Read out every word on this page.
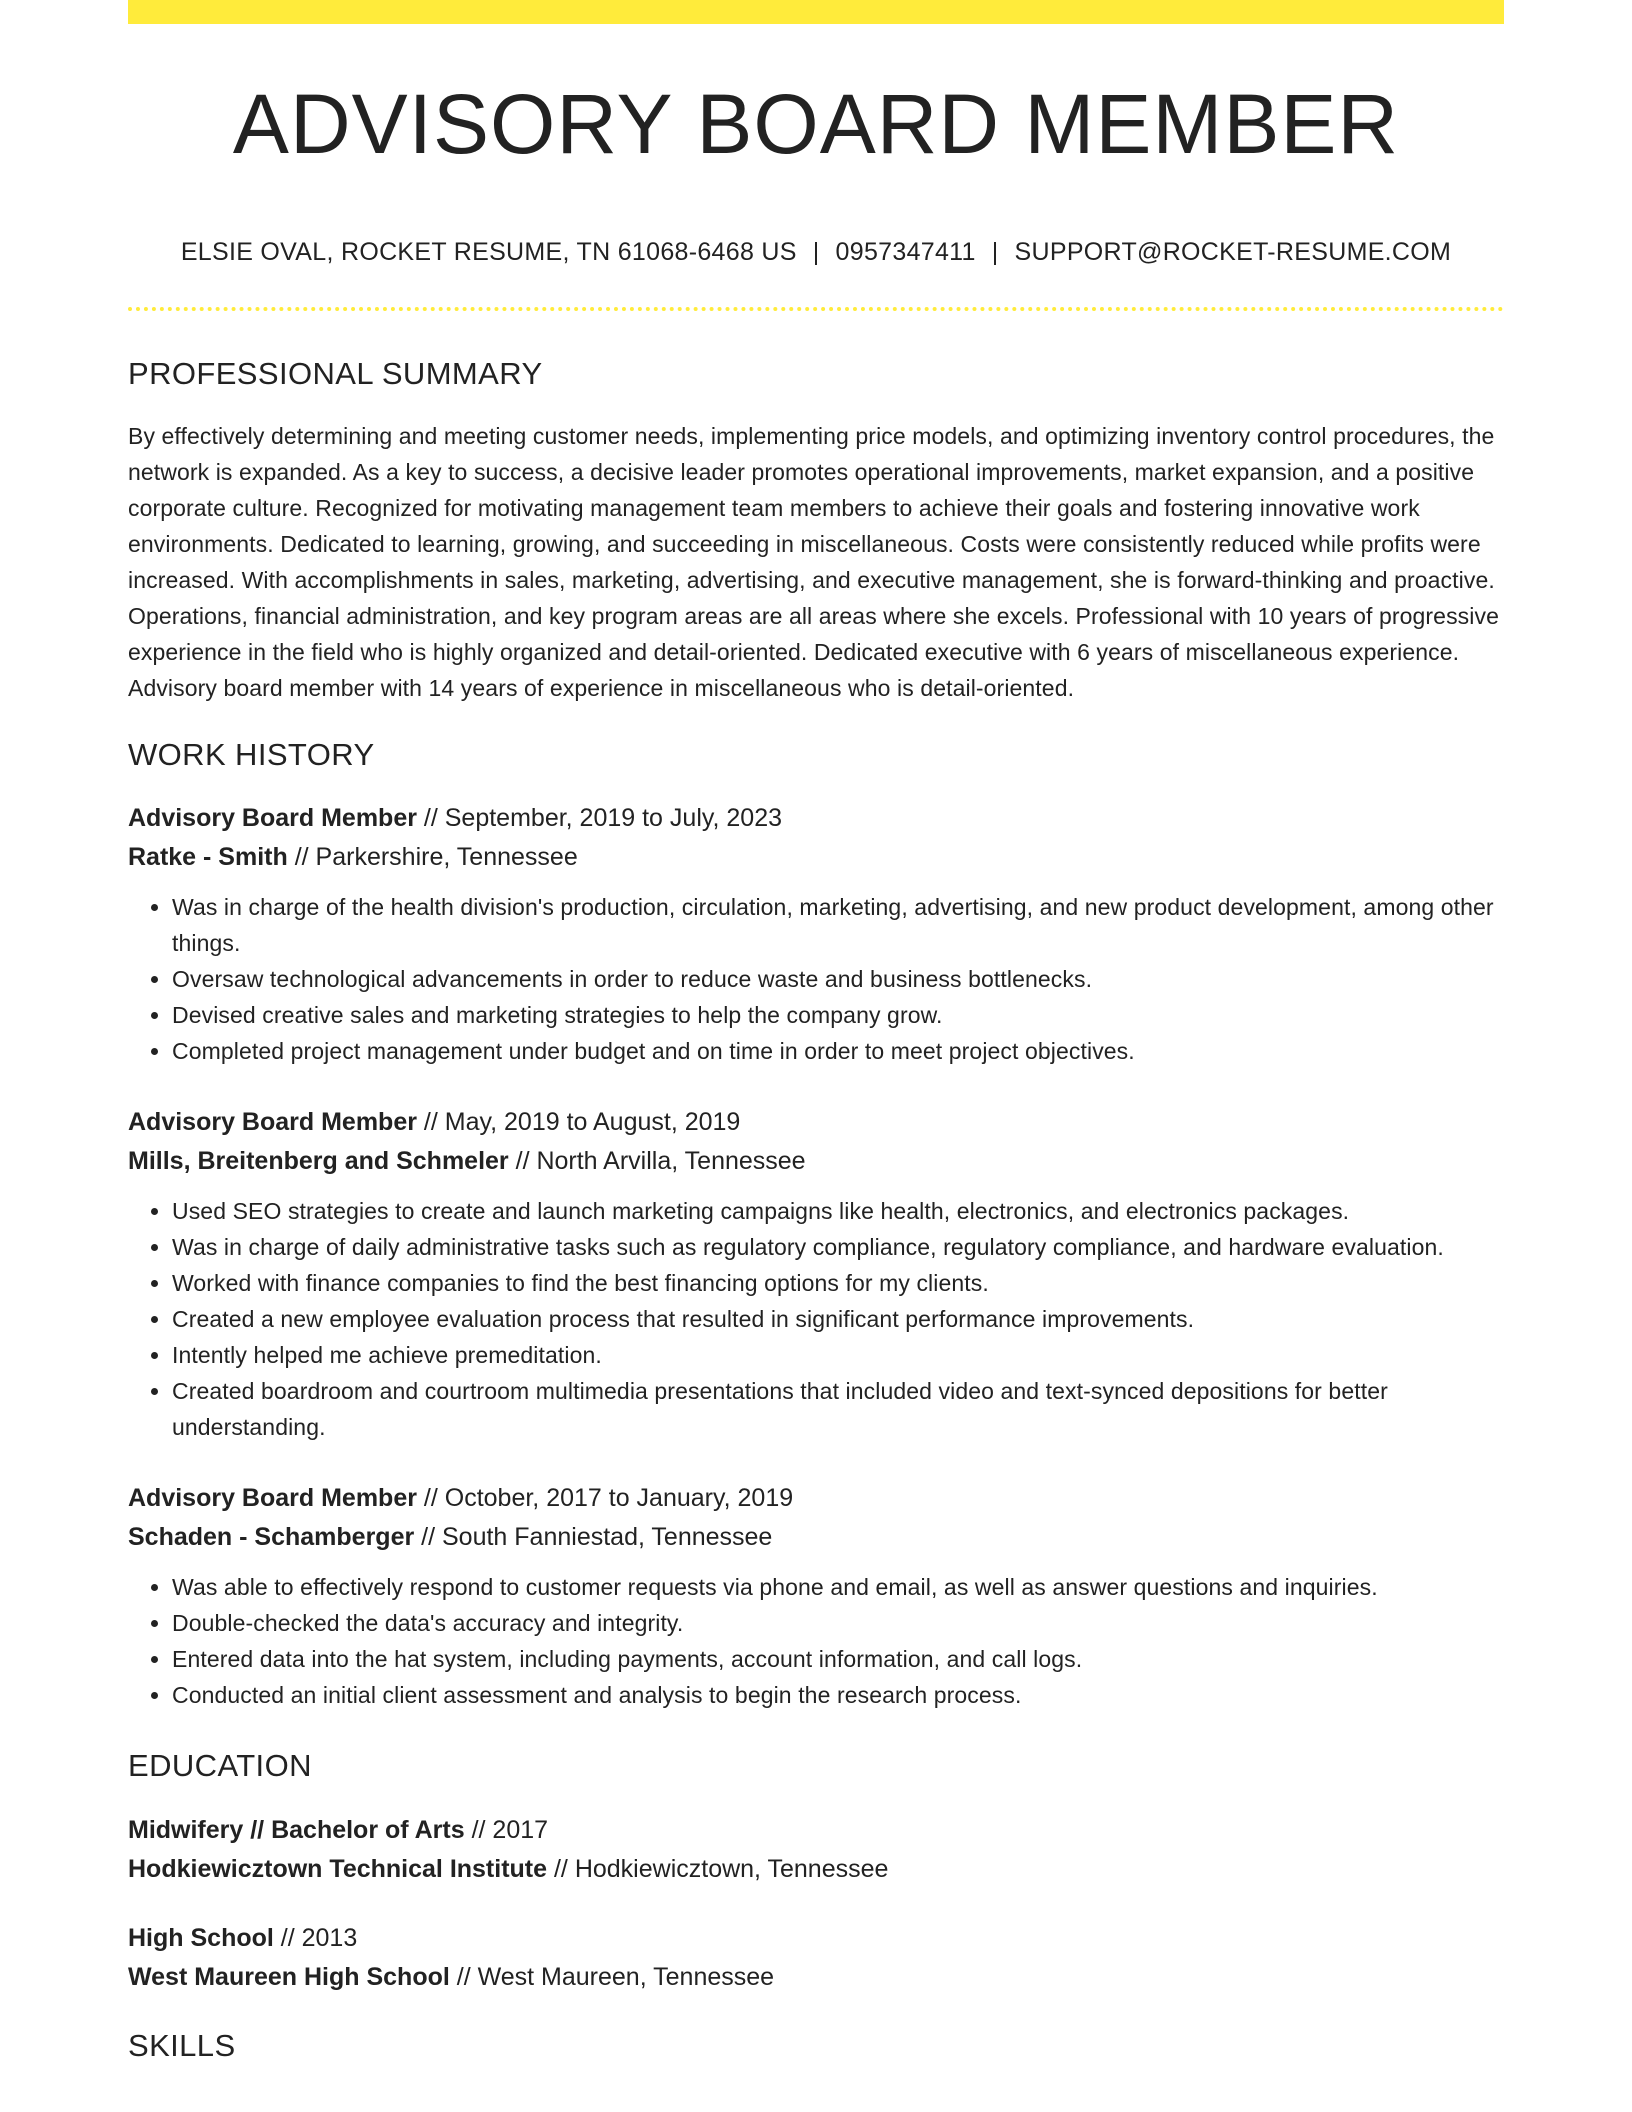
ADVISORY BOARD MEMBER
ELSIE OVAL, ROCKET RESUME, TN 61068-6468 US | 0957347411 | SUPPORT@ROCKET-RESUME.COM
PROFESSIONAL SUMMARY

By effectively determining and meeting customer needs, implementing price models, and optimizing inventory control procedures, the network is expanded. As a key to success, a decisive leader promotes operational improvements, market expansion, and a positive corporate culture. Recognized for motivating management team members to achieve their goals and fostering innovative work environments. Dedicated to learning, growing, and succeeding in miscellaneous. Costs were consistently reduced while profits were increased. With accomplishments in sales, marketing, advertising, and executive management, she is forward-thinking and proactive. Operations, financial administration, and key program areas are all areas where she excels. Professional with 10 years of progressive experience in the field who is highly organized and detail-oriented. Dedicated executive with 6 years of miscellaneous experience. Advisory board member with 14 years of experience in miscellaneous who is detail-oriented.

WORK HISTORY
Advisory Board Member // September, 2019 to July, 2023
Ratke - Smith // Parkershire, Tennessee
• Was in charge of the health division's production, circulation, marketing, advertising, and new product development, among other things.
• Oversaw technological advancements in order to reduce waste and business bottlenecks.
• Devised creative sales and marketing strategies to help the company grow.
• Completed project management under budget and on time in order to meet project objectives.
Advisory Board Member // May, 2019 to August, 2019
Mills, Breitenberg and Schmeler // North Arvilla, Tennessee
• Used SEO strategies to create and launch marketing campaigns like health, electronics, and electronics packages.
• Was in charge of daily administrative tasks such as regulatory compliance, regulatory compliance, and hardware evaluation.
• Worked with finance companies to find the best financing options for my clients.
• Created a new employee evaluation process that resulted in significant performance improvements.
• Intently helped me achieve premeditation.
• Created boardroom and courtroom multimedia presentations that included video and text-synced depositions for better understanding.
Advisory Board Member // October, 2017 to January, 2019
Schaden - Schamberger // South Fanniestad, Tennessee
• Was able to effectively respond to customer requests via phone and email, as well as answer questions and inquiries.
• Double-checked the data's accuracy and integrity.
• Entered data into the hat system, including payments, account information, and call logs.
• Conducted an initial client assessment and analysis to begin the research process.
EDUCATION
Midwifery // Bachelor of Arts // 2017
Hodkiewicztown Technical Institute // Hodkiewicztown, Tennessee
High School // 2013
West Maureen High School // West Maureen, Tennessee
SKILLS
